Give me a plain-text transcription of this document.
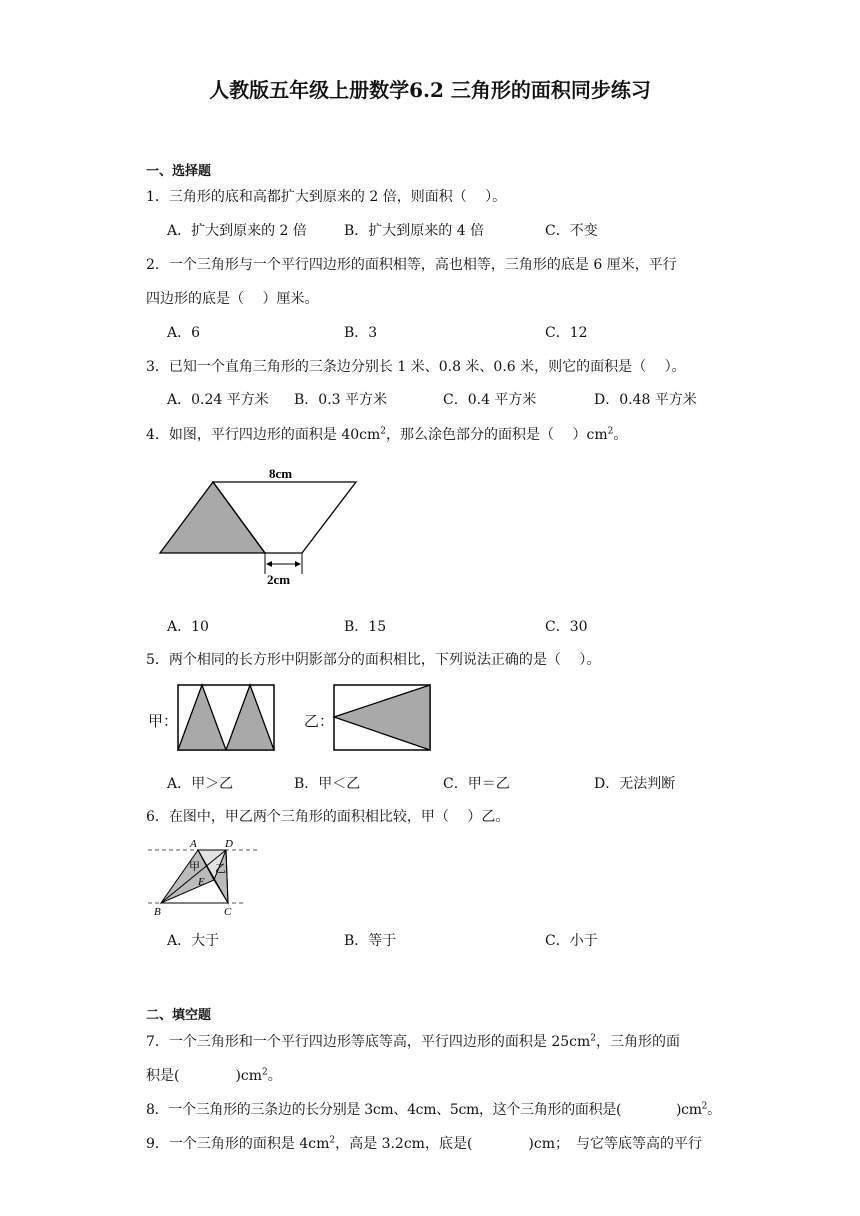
人教版五年级上册数学6.2 三角形的面积同步练习
一、选择题
1．三角形的底和高都扩大到原来的 2 倍，则面积（　 ）。
A．扩大到原来的 2 倍	B．扩大到原来的 4 倍	C．不变
2．一个三角形与一个平行四边形的面积相等，高也相等，三角形的底是 6 厘米，平行
四边形的底是（　 ）厘米。
A．6	B．3	C．12
3．已知一个直角三角形的三条边分别长 1 米、0.8 米、0.6 米，则它的面积是（　 ）。
A．0.24 平方米 B．0.3 平方米	C．0.4 平方米	D．0.48 平方米
4．如图，平行四边形的面积是 $40cm^2$，那么涂色部分的面积是（　 ）$cm^2$。
8cm
2cm
A．10	B．15	C．30
5．两个相同的长方形中阴影部分的面积相比，下列说法正确的是（　 ）。
甲：	乙：
A．甲＞乙	B．甲＜乙	C．甲＝乙	D．无法判断
6．在图中，甲乙两个三角形的面积相比较，甲（　 ）乙。
A	D
B	C
E
甲 乙
A．大于	B．等于	C．小于
二、填空题
7．一个三角形和一个平行四边形等底等高，平行四边形的面积是 $25cm^2$，三角形的面
积是(　　　　)$cm^2$。
8．一个三角形的三条边的长分别是 3cm、4cm、5cm，这个三角形的面积是(　　　　)$cm^2$。
9．一个三角形的面积是 $4cm^2$，高是 3.2cm，底是(　　　　)cm；　与它等底等高的平行
